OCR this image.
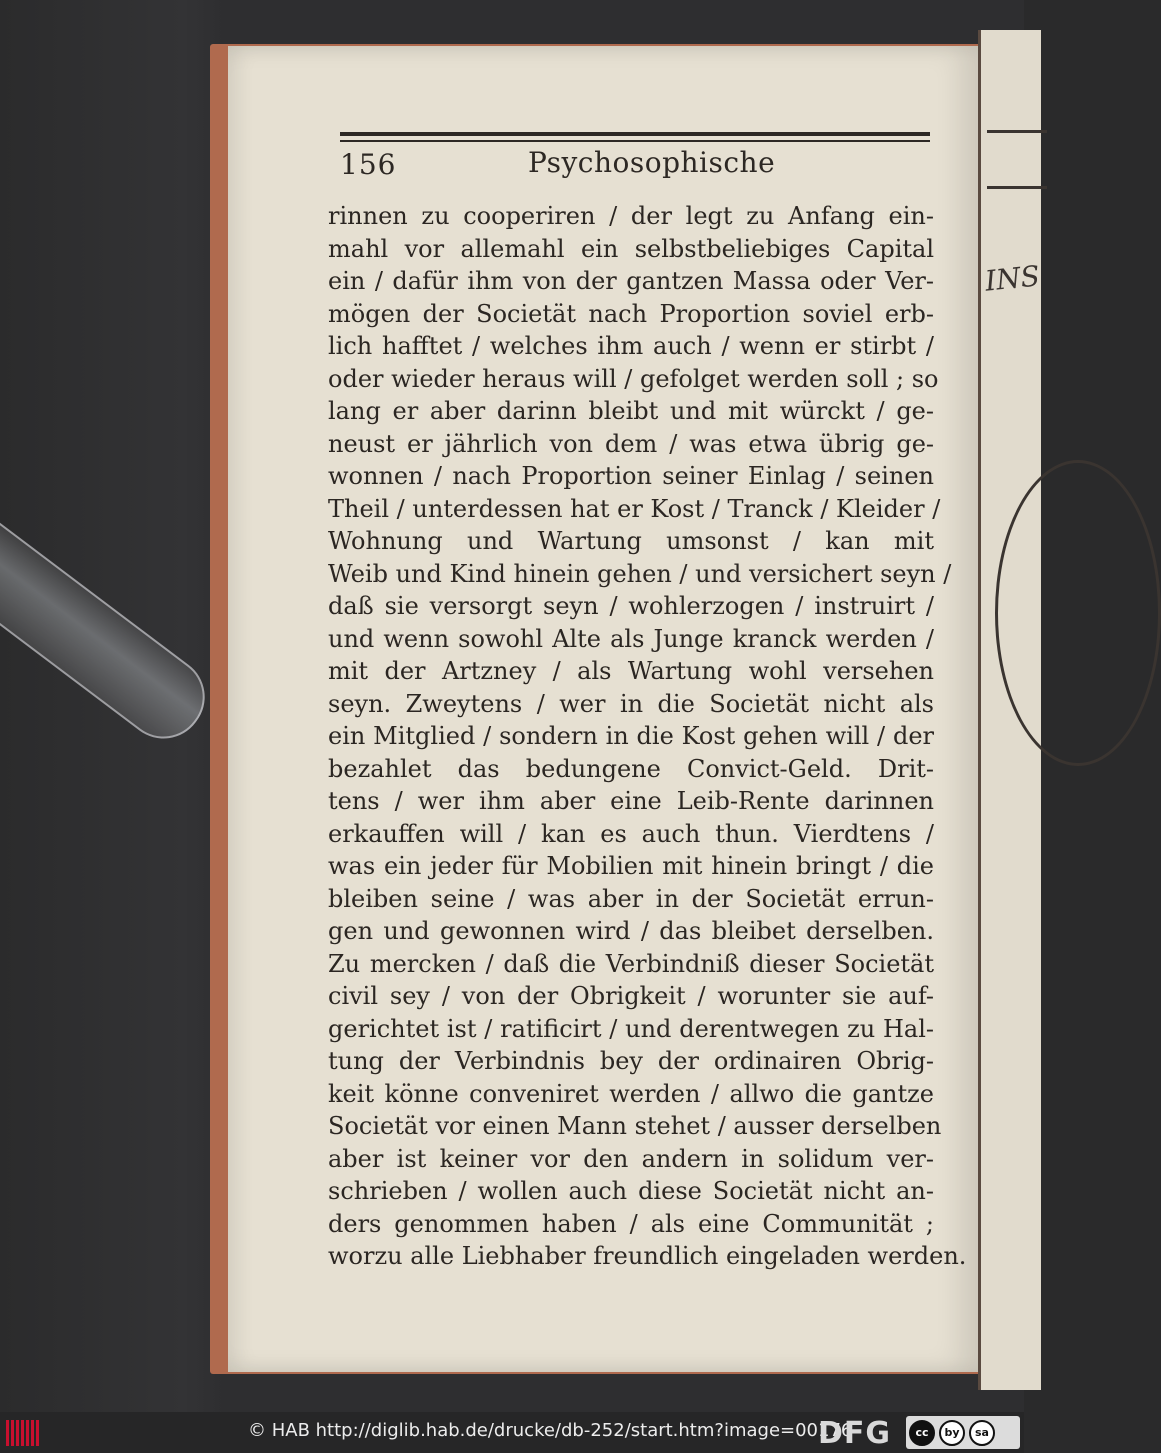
INS
156	Psychosophische
rinnen zu cooperiren / der legt zu Anfang ein-
mahl vor allemahl ein selbstbeliebiges Capital
ein / dafür ihm von der gantzen Massa oder Ver-
mögen der Societät nach Proportion soviel erb-
lich hafftet / welches ihm auch / wenn er stirbt /
oder wieder heraus will / gefolget werden soll ; so
lang er aber darinn bleibt und mit würckt / ge-
neust er jährlich von dem / was etwa übrig ge-
wonnen / nach Proportion seiner Einlag / seinen
Theil / unterdessen hat er Kost / Tranck / Kleider /
Wohnung und Wartung umsonst / kan mit
Weib und Kind hinein gehen / und versichert seyn /
daß sie versorgt seyn / wohlerzogen / instruirt /
und wenn sowohl Alte als Junge kranck werden /
mit der Artzney / als Wartung wohl versehen
seyn. Zweytens / wer in die Societät nicht als
ein Mitglied / sondern in die Kost gehen will / der
bezahlet das bedungene Convict-Geld. Drit-
tens / wer ihm aber eine Leib-Rente darinnen
erkauffen will / kan es auch thun. Vierdtens /
was ein jeder für Mobilien mit hinein bringt / die
bleiben seine / was aber in der Societät errun-
gen und gewonnen wird / das bleibet derselben.
Zu mercken / daß die Verbindniß dieser Societät
civil sey / von der Obrigkeit / worunter sie auf-
gerichtet ist / ratificirt / und derentwegen zu Hal-
tung der Verbindnis bey der ordinairen Obrig-
keit könne conveniret werden / allwo die gantze
Societät vor einen Mann stehet / ausser derselben
aber ist keiner vor den andern in solidum ver-
schrieben / wollen auch diese Societät nicht an-
ders genommen haben / als eine Communität ;
worzu alle Liebhaber freundlich eingeladen werden.
© HAB http://diglib.hab.de/drucke/db-252/start.htm?image=00176
DFG	cc	by	sa
